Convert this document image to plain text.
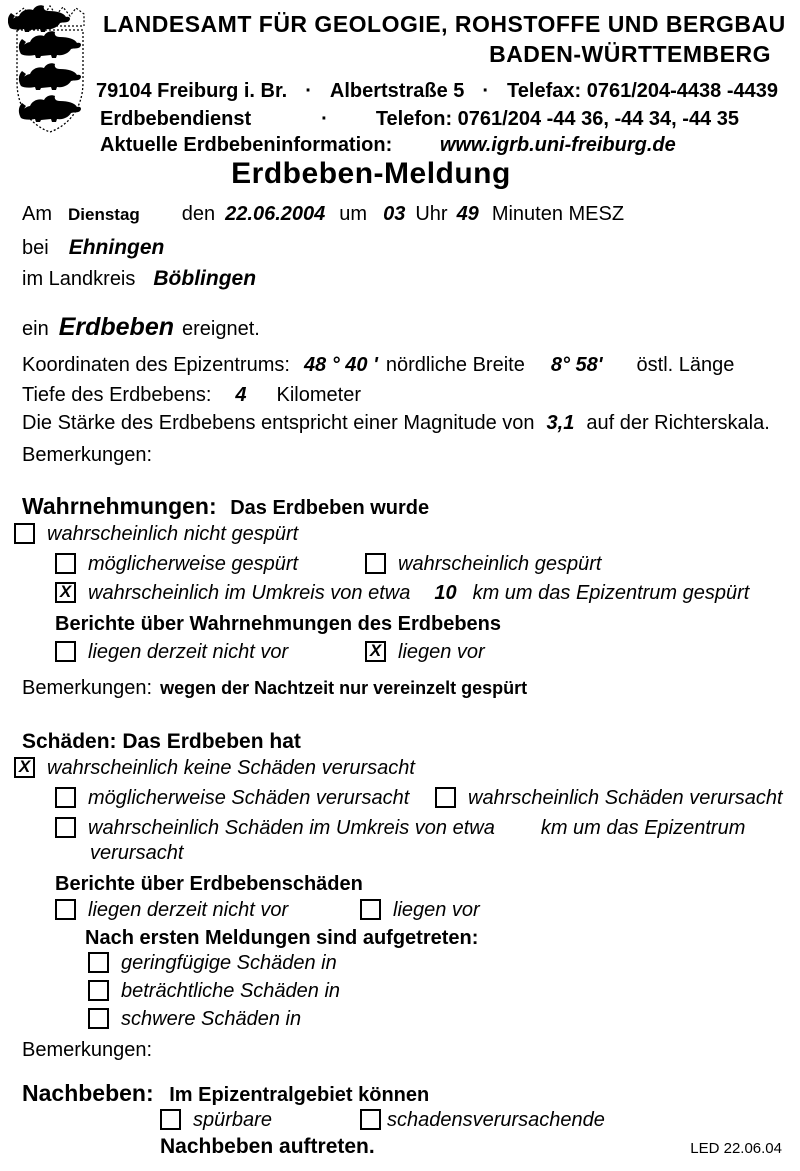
LANDESAMT FÜR GEOLOGIE, ROHSTOFFE UND BERGBAU
BADEN-WÜRTTEMBERG
79104 Freiburg i. Br. · Albertstraße 5 · Telefax: 0761/204-4438 -4439
Erdbebendienst	· Telefon: 0761/204 -44 36, -44 34, -44 35
Aktuelle Erdbebeninformation: www.igrb.uni-freiburg.de
Erdbeben-Meldung
Am Dienstag den 22.06.2004 um 03 Uhr 49 Minuten MESZ
bei Ehningen
im Landkreis Böblingen
ein Erdbeben ereignet.
Koordinaten des Epizentrums: 48 ° 40 ' nördliche Breite 8° 58' östl. Länge
Tiefe des Erdbebens: 4 Kilometer
Die Stärke des Erdbebens entspricht einer Magnitude von 3,1 auf der Richterskala.
Bemerkungen:
Wahrnehmungen: Das Erdbeben wurde
wahrscheinlich nicht gespürt
möglicherweise gespürt	wahrscheinlich gespürt
X wahrscheinlich im Umkreis von etwa 10 km um das Epizentrum gespürt
Berichte über Wahrnehmungen des Erdbebens
liegen derzeit nicht vor	X liegen vor
Bemerkungen: wegen der Nachtzeit nur vereinzelt gespürt
Schäden: Das Erdbeben hat
X wahrscheinlich keine Schäden verursacht
möglicherweise Schäden verursacht	wahrscheinlich Schäden verursacht
wahrscheinlich Schäden im Umkreis von etwa km um das Epizentrum
verursacht
Berichte über Erdbebenschäden
liegen derzeit nicht vor	liegen vor
Nach ersten Meldungen sind aufgetreten:
geringfügige Schäden in
beträchtliche Schäden in
schwere Schäden in
Bemerkungen:
Nachbeben: Im Epizentralgebiet können
spürbare	schadensverursachende
Nachbeben auftreten.	LED 22.06.04
